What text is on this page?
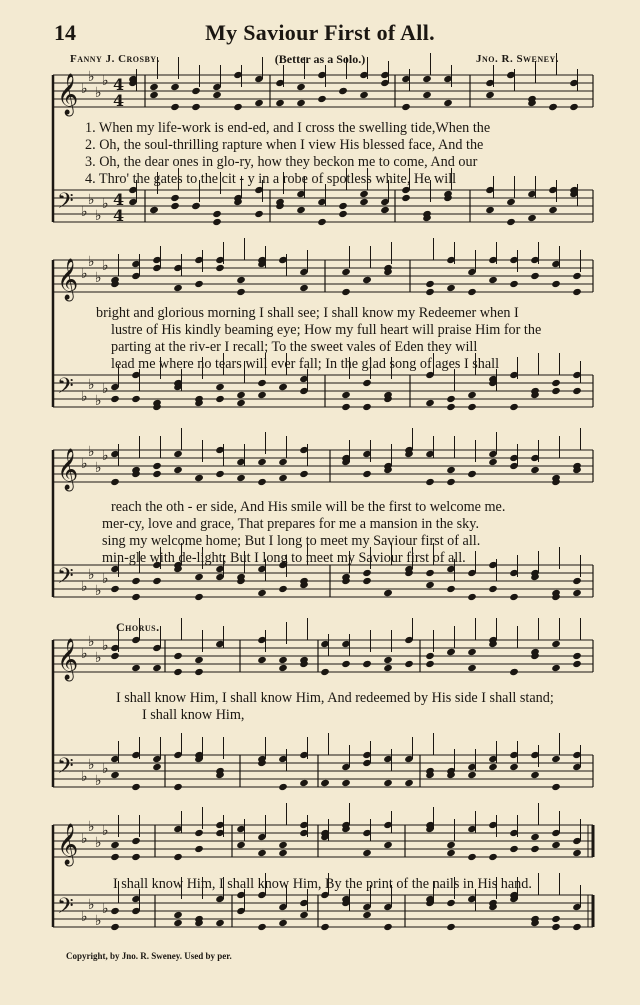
14	My Saviour First of All.
Fanny J. Crosby.	(Better as a Solo.)	Jno. R. Sweney.
𝄞 ♭
♭
♭
♭
𝄢 ♭
♭
♭
♭
4
4
4
4
𝄞 ♭
♭
♭
♭
𝄢 ♭
♭
♭
♭
𝄞 ♭
♭
♭
♭
𝄢 ♭
♭
♭
♭
𝄞 ♭
♭
♭
♭
𝄢 ♭
♭
♭
♭
𝄞 ♭
♭
♭
♭
𝄢 ♭
♭
♭
♭
1. When my life-work is end-ed, and I cross the swelling tide,When the
2. Oh, the soul-thrilling rapture when I view His blessed face, And the
3. Oh, the dear ones in glo-ry, how they beckon me to come, And our
4. Thro' the gates to the cit - y in a robe of spotless white, He will
bright and glorious morning I shall see; I shall know my Redeemer when I
lustre of His kindly beaming eye; How my full heart will praise Him for the
parting at the riv-er I recall; To the sweet vales of Eden they will
lead me where no tears will ever fall; In the glad song of ages I shall
reach the oth - er side, And His smile will be the first to welcome me.
mer-cy, love and grace, That prepares for me a mansion in the sky.
sing my welcome home; But I long to meet my Saviour first of all.
min-gle with de-light; But I long to meet my Saviour first of all.
Chorus.
I shall know Him, I shall know Him, And redeemed by His side I shall stand;
I shall know Him,
I shall know Him, I shall know Him, By the print of the nails in His hand.
Copyright, by Jno. R. Sweney. Used by per.
